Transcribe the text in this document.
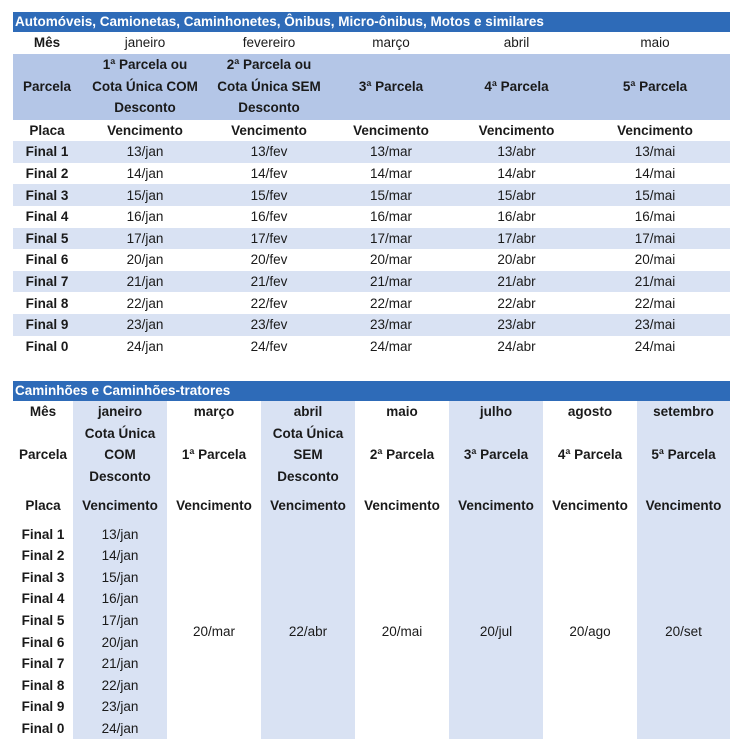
Automóveis, Camionetas, Caminhonetes, Ônibus, Micro-ônibus, Motos e similares
Mês	janeiro	fevereiro	março	abril	maio
Parcela	1ª Parcela ou
Cota Única COM
Desconto	2ª Parcela ou
Cota Única SEM
Desconto	3ª Parcela	4ª Parcela	5ª Parcela
Placa	Vencimento	Vencimento	Vencimento	Vencimento	Vencimento
Final 1	13/jan	13/fev	13/mar	13/abr	13/mai
Final 2	14/jan	14/fev	14/mar	14/abr	14/mai
Final 3	15/jan	15/fev	15/mar	15/abr	15/mai
Final 4	16/jan	16/fev	16/mar	16/abr	16/mai
Final 5	17/jan	17/fev	17/mar	17/abr	17/mai
Final 6	20/jan	20/fev	20/mar	20/abr	20/mai
Final 7	21/jan	21/fev	21/mar	21/abr	21/mai
Final 8	22/jan	22/fev	22/mar	22/abr	22/mai
Final 9	23/jan	23/fev	23/mar	23/abr	23/mai
Final 0	24/jan	24/fev	24/mar	24/abr	24/mai
Caminhões e Caminhões-tratores
Mês	janeiro	março	abril	maio	julho	agosto	setembro
Parcela	Cota Única
COM
Desconto	1ª Parcela	Cota Única
SEM
Desconto	2ª Parcela	3ª Parcela	4ª Parcela	5ª Parcela
Placa	Vencimento	Vencimento	Vencimento	Vencimento	Vencimento	Vencimento	Vencimento
Final 1	13/jan	20/mar	22/abr	20/mai	20/jul	20/ago	20/set
Final 2	14/jan						
Final 3	15/jan						
Final 4	16/jan						
Final 5	17/jan						
Final 6	20/jan						
Final 7	21/jan						
Final 8	22/jan						
Final 9	23/jan						
Final 0	24/jan						
